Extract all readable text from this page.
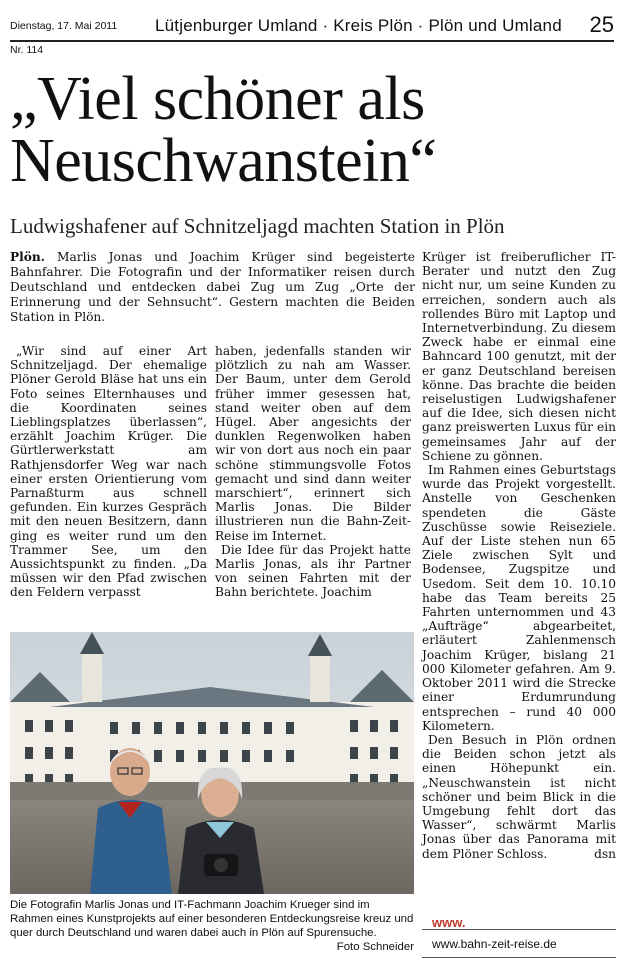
Dienstag, 17. Mai 2011

Nr. 114

Lütjenburger Umland · Kreis Plön · Plön und Umland 25
„Viel schöner als Neuschwanstein“
Ludwigshafener auf Schnitzeljagd machten Station in Plön

Plön. Marlis Jonas und Joachim Krüger sind begeisterte Bahnfahrer. Die Fotografin und der Informatiker reisen durch Deutschland und entdecken dabei Zug um Zug „Orte der Erinnerung und der Sehnsucht“. Gestern machten die Beiden Station in Plön.

„Wir sind auf einer Art Schnitzeljagd. Der ehemalige Plöner Gerold Bläse hat uns ein Foto seines Elternhauses und die Koordinaten seines Lieblingsplatzes überlassen“, erzählt Joachim Krüger. Die Gürtlerwerkstatt am Rathjensdorfer Weg war nach einer ersten Orientierung vom Parnaßturm aus schnell gefunden. Ein kurzes Gespräch mit den neuen Besitzern, dann ging es weiter rund um den Trammer See, um den Aussichtspunkt zu finden. „Da müssen wir den Pfad zwischen den Feldern verpasst

haben, jedenfalls standen wir plötzlich zu nah am Wasser. Der Baum, unter dem Gerold früher immer gesessen hat, stand weiter oben auf dem Hügel. Aber angesichts der dunklen Regenwolken haben wir von dort aus noch ein paar schöne stimmungsvolle Fotos gemacht und sind dann weiter marschiert“, erinnert sich Marlis Jonas. Die Bilder illustrieren nun die Bahn-Zeit-Reise im Internet.

Die Idee für das Projekt hatte Marlis Jonas, als ihr Partner von seinen Fahrten mit der Bahn berichtete. Joachim

Krüger ist freiberuflicher IT-Berater und nutzt den Zug nicht nur, um seine Kunden zu erreichen, sondern auch als rollendes Büro mit Laptop und Internetverbindung. Zu diesem Zweck habe er einmal eine Bahncard 100 genutzt, mit der er ganz Deutschland bereisen könne. Das brachte die beiden reiselustigen Ludwigshafener auf die Idee, sich diesen nicht ganz preiswerten Luxus für ein gemeinsames Jahr auf der Schiene zu gönnen.

Im Rahmen eines Geburtstags wurde das Projekt vorgestellt. Anstelle von Geschenken spendeten die Gäste Zuschüsse sowie Reiseziele. Auf der Liste stehen nun 65 Ziele zwischen Sylt und Bodensee, Zugspitze und Usedom. Seit dem 10. 10.10 habe das Team bereits 25 Fahrten unternommen und 43 „Aufträge“ abgearbeitet, erläutert Zahlenmensch Joachim Krüger, bislang 21 000 Kilometer gefahren. Am 9. Oktober 2011 wird die Strecke einer Erdumrundung entsprechen – rund 40 000 Kilometern.

Den Besuch in Plön ordnen die Beiden schon jetzt als einen Höhepunkt ein. „Neuschwanstein ist nicht schöner und beim Blick in die Umgebung fehlt dort das Wasser“, schwärmt Marlis Jonas über das Panorama mit dem Plöner Schloss.	dsn

Die Fotografin Marlis Jonas und IT-Fachmann Joachim Krueger sind im Rahmen eines Kunstprojekts auf einer besonderen Entdeckungsreise kreuz und quer durch Deutschland und waren dabei auch in Plön auf Spurensuche.
Foto Schneider
www.
www.bahn-zeit-reise.de
